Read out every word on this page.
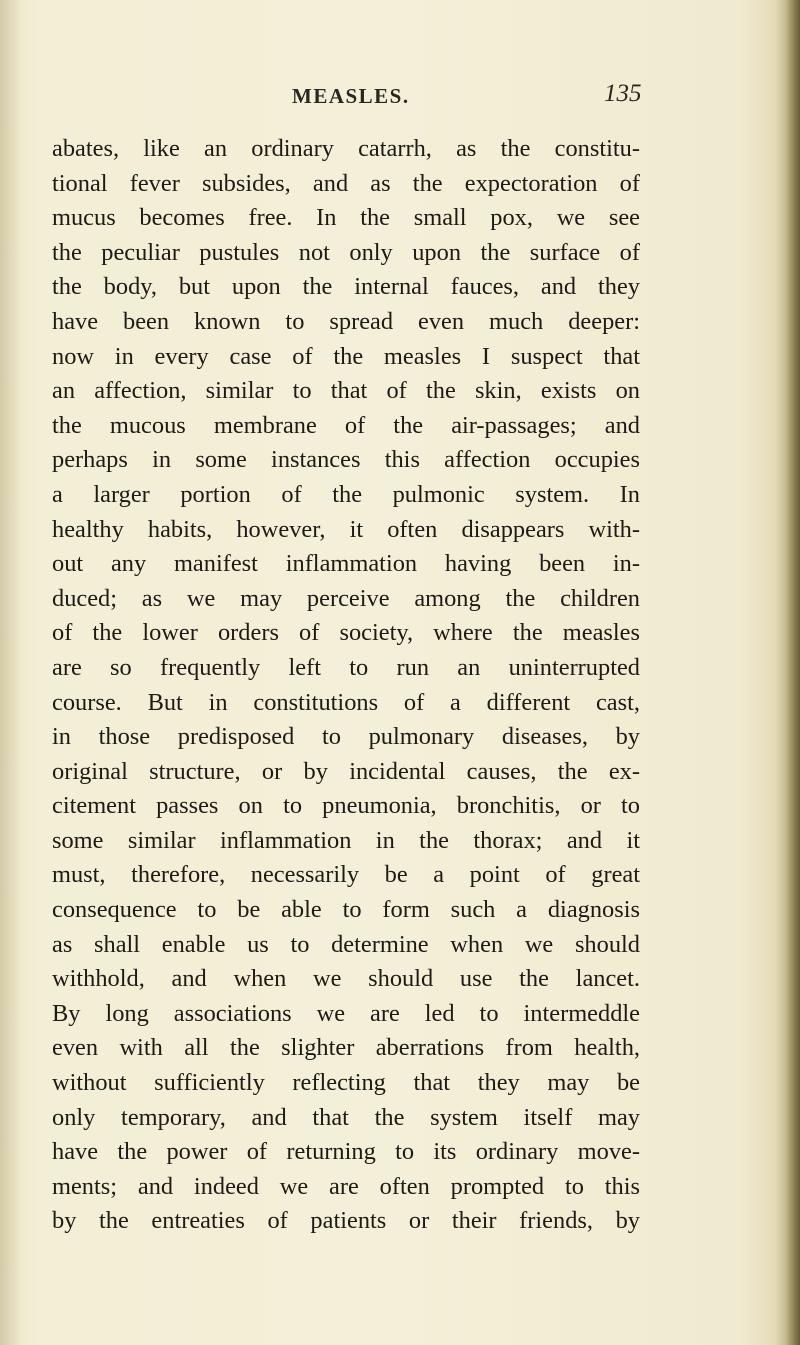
MEASLES.	135
abates, like an ordinary catarrh, as the constitu-
tional fever subsides, and as the expectoration of
mucus becomes free. In the small pox, we see
the peculiar pustules not only upon the surface of
the body, but upon the internal fauces, and they
have been known to spread even much deeper:
now in every case of the measles I suspect that
an affection, similar to that of the skin, exists on
the mucous membrane of the air-passages; and
perhaps in some instances this affection occupies
a larger portion of the pulmonic system. In
healthy habits, however, it often disappears with-
out any manifest inflammation having been in-
duced; as we may perceive among the children
of the lower orders of society, where the measles
are so frequently left to run an uninterrupted
course. But in constitutions of a different cast,
in those predisposed to pulmonary diseases, by
original structure, or by incidental causes, the ex-
citement passes on to pneumonia, bronchitis, or to
some similar inflammation in the thorax; and it
must, therefore, necessarily be a point of great
consequence to be able to form such a diagnosis
as shall enable us to determine when we should
withhold, and when we should use the lancet.
By long associations we are led to intermeddle
even with all the slighter aberrations from health,
without sufficiently reflecting that they may be
only temporary, and that the system itself may
have the power of returning to its ordinary move-
ments; and indeed we are often prompted to this
by the entreaties of patients or their friends, by
